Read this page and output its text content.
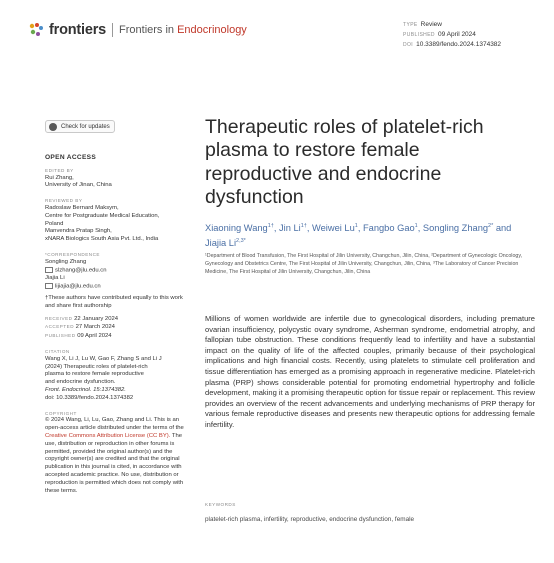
frontiers Frontiers in Endocrinology	TYPE Review
PUBLISHED 09 April 2024
DOI 10.3389/fendo.2024.1374382
Check for updates
OPEN ACCESS
EDITED BY
Rui Zhang,
University of Jinan, China
REVIEWED BY
Radoslaw Bernard Maksym,
Centre for Postgraduate Medical Education,
Poland
Manvendra Pratap Singh,
xNARA Biologics South Asia Pvt. Ltd., India
*CORRESPONDENCE
Songling Zhang
slzhang@jlu.edu.cn
Jiajia Li
lijiajia@jlu.edu.cn
†These authors have contributed equally to this work and share first authorship
RECEIVED 22 January 2024
ACCEPTED 27 March 2024
PUBLISHED 09 April 2024
CITATION
Wang X, Li J, Lu W, Gao F, Zhang S and Li J
(2024) Therapeutic roles of platelet-rich
plasma to restore female reproductive
and endocrine dysfunction.
Front. Endocrinol. 15:1374382.
doi: 10.3389/fendo.2024.1374382
COPYRIGHT
© 2024 Wang, Li, Lu, Gao, Zhang and Li. This is an open-access article distributed under the terms of the Creative Commons Attribution License (CC BY). The use, distribution or reproduction in other forums is permitted, provided the original author(s) and the copyright owner(s) are credited and that the original publication in this journal is cited, in accordance with accepted academic practice. No use, distribution or reproduction is permitted which does not comply with these terms.
Therapeutic roles of platelet-rich plasma to restore female reproductive and endocrine dysfunction
Xiaoning Wang$^{1\dagger}$, Jin $Li^{1\dagger}$, Weiwei Lu$^1$, Fangbo Gao$^1$, Songling Zhang$^{2*}$ and Jiajia $Li^{2,3*}$
¹Department of Blood Transfusion, The First Hospital of Jilin University, Changchun, Jilin, China, ²Department of Gynecologic Oncology, Gynecology and Obstetrics Centre, The First Hospital of Jilin University, Changchun, Jilin, China, ³The Laboratory of Cancer Precision Medicine, The First Hospital of Jilin University, Changchun, Jilin, China
Millions of women worldwide are infertile due to gynecological disorders, including premature ovarian insufficiency, polycystic ovary syndrome, Asherman syndrome, endometrial atrophy, and fallopian tube obstruction. These conditions frequently lead to infertility and have a substantial impact on the quality of life of the affected couples, primarily because of their psychological implications and high financial costs. Recently, using platelets to stimulate cell proliferation and tissue differentiation has emerged as a promising approach in regenerative medicine. Platelet-rich plasma (PRP) shows considerable potential for promoting endometrial hypertrophy and follicle development, making it a promising therapeutic option for tissue repair or replacement. This review provides an overview of the recent advancements and underlying mechanisms of PRP therapy for various female reproductive diseases and presents new therapeutic options for addressing female infertility.
KEYWORDS
platelet-rich plasma, infertility, reproductive, endocrine dysfunction, female
